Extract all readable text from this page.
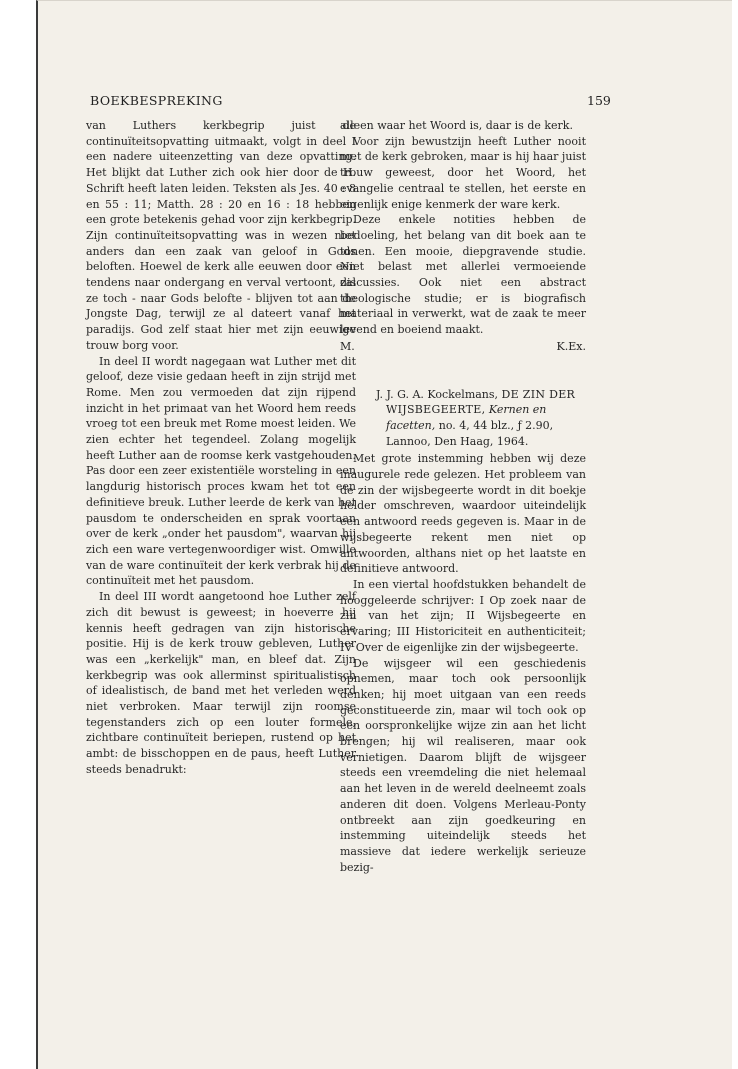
BOEKBESPREKING	159

van Luthers kerkbegrip juist de continuïteitsopvatting uitmaakt, volgt in deel I een nadere uiteenzetting van deze opvatting. Het blijkt dat Luther zich ook hier door de H. Schrift heeft laten leiden. Teksten als Jes. 40 : 8 en 55 : 11; Matth. 28 : 20 en 16 : 18 hebben een grote betekenis gehad voor zijn kerkbegrip. Zijn continuïteitsopvatting was in wezen niet anders dan een zaak van geloof in Gods beloften. Hoewel de kerk alle eeuwen door een tendens naar ondergang en verval vertoont, zal ze toch - naar Gods belofte - blijven tot aan de Jongste Dag, terwijl ze al dateert vanaf het paradijs. God zelf staat hier met zijn eeuwige trouw borg voor.

In deel II wordt nagegaan wat Luther met dit geloof, deze visie gedaan heeft in zijn strijd met Rome. Men zou vermoeden dat zijn rijpend inzicht in het primaat van het Woord hem reeds vroeg tot een breuk met Rome moest leiden. We zien echter het tegendeel. Zolang mogelijk heeft Luther aan de roomse kerk vastgehouden. Pas door een zeer existentiële worsteling in een langdurig historisch proces kwam het tot een definitieve breuk. Luther leerde de kerk van het pausdom te onderscheiden en sprak voortaan over de kerk „onder het pausdom", waarvan hij zich een ware vertegenwoordiger wist. Omwille van de ware continuïteit der kerk verbrak hij de continuïteit met het pausdom.

In deel III wordt aangetoond hoe Luther zelf zich dit bewust is geweest; in hoeverre hij kennis heeft gedragen van zijn historische positie. Hij is de kerk trouw gebleven, Luther was een „kerkelijk" man, en bleef dat. Zijn kerkbegrip was ook allerminst spiritualistisch of idealistisch, de band met het verleden werd niet verbroken. Maar terwijl zijn roomse tegenstanders zich op een louter formele, zichtbare continuïteit beriepen, rustend op het ambt: de bisschoppen en de paus, heeft Luther steeds benadrukt:

alleen waar het Woord is, daar is de kerk.

Voor zijn bewustzijn heeft Luther nooit met de kerk gebroken, maar is hij haar juist trouw geweest, door het Woord, het evangelie centraal te stellen, het eerste en eigenlijk enige kenmerk der ware kerk.

Deze enkele notities hebben de bedoeling, het belang van dit boek aan te tonen. Een mooie, diepgravende studie. Niet belast met allerlei vermoeiende discussies. Ook niet een abstract theologische studie; er is biografisch materiaal in verwerkt, wat de zaak te meer levend en boeiend maakt.

M.	K.Ex.
J. J. G. A. Kockelmans, DE ZIN DER WIJSBEGEERTE, Kernen en facetten, no. 4, 44 blz., ƒ 2.90, Lannoo, Den Haag, 1964.

Met grote instemming hebben wij deze inaugurele rede gelezen. Het probleem van de zin der wijsbegeerte wordt in dit boekje helder omschreven, waardoor uiteindelijk een antwoord reeds gegeven is. Maar in de wijsbegeerte rekent men niet op antwoorden, althans niet op het laatste en definitieve antwoord.

In een viertal hoofdstukken behandelt de hooggeleerde schrijver: I Op zoek naar de zin van het zijn; II Wijsbegeerte en ervaring; III Historiciteit en authenticiteit; IV Over de eigenlijke zin der wijsbegeerte.

De wijsgeer wil een geschiedenis opnemen, maar toch ook persoonlijk denken; hij moet uitgaan van een reeds geconstitueerde zin, maar wil toch ook op een oorspronkelijke wijze zin aan het licht brengen; hij wil realiseren, maar ook vernietigen. Daarom blijft de wijsgeer steeds een vreemdeling die niet helemaal aan het leven in de wereld deelneemt zoals anderen dit doen. Volgens Merleau-Ponty ontbreekt aan zijn goedkeuring en instemming uiteindelijk steeds het massieve dat iedere werkelijk serieuze bezig-
